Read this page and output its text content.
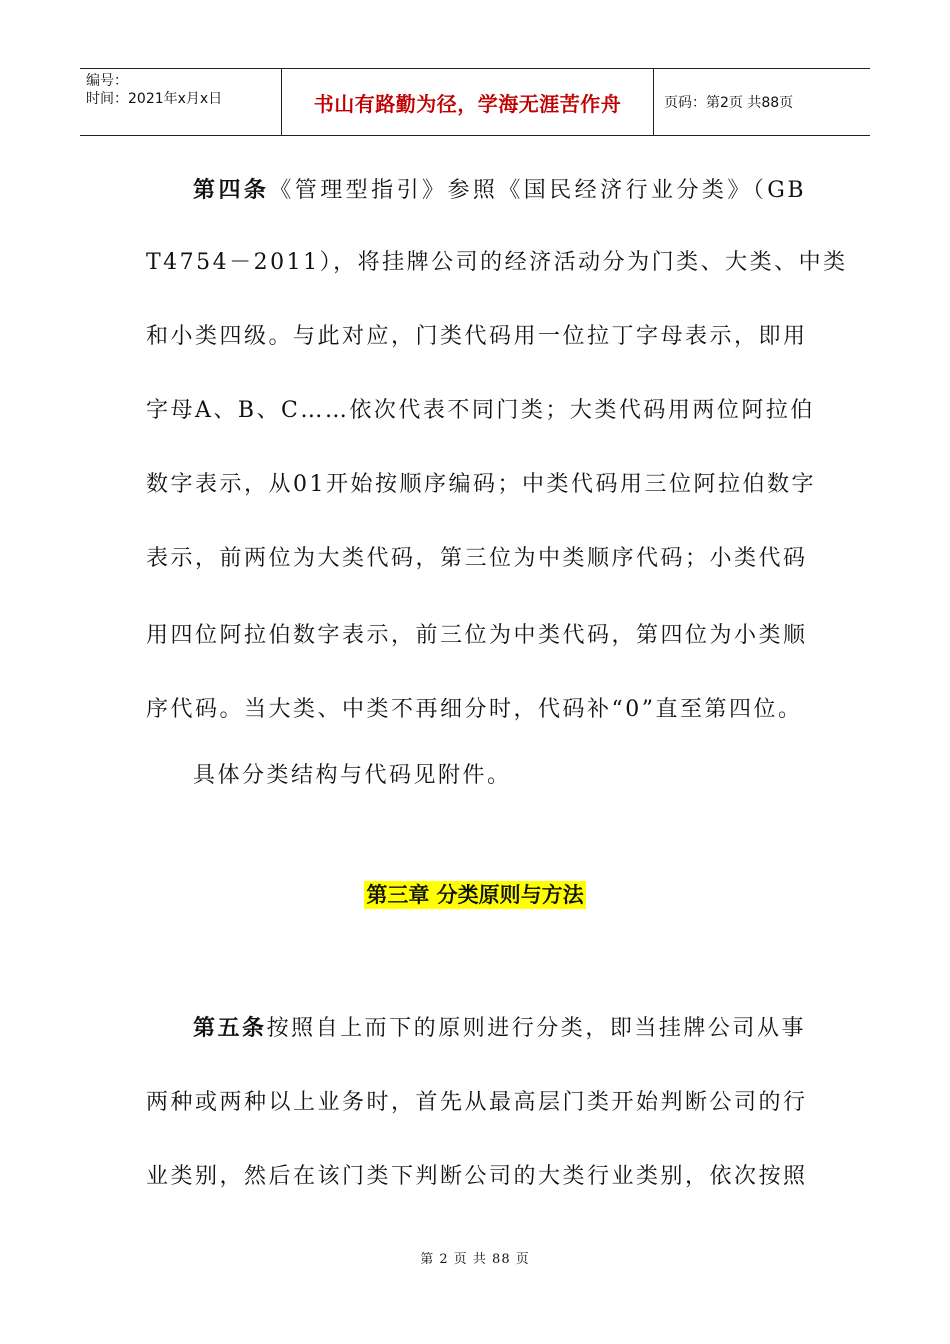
编号：
时间：2021年x月x日	书山有路勤为径，学海无涯苦作舟	页码：第2页 共88页
第四条《管理型指引》参照《国民经济行业分类》（GB
T4754－2011），将挂牌公司的经济活动分为门类、大类、中类
和小类四级。与此对应，门类代码用一位拉丁字母表示，即用
字母A、B、C……依次代表不同门类；大类代码用两位阿拉伯
数字表示，从01开始按顺序编码；中类代码用三位阿拉伯数字
表示，前两位为大类代码，第三位为中类顺序代码；小类代码
用四位阿拉伯数字表示，前三位为中类代码，第四位为小类顺
序代码。当大类、中类不再细分时，代码补“0”直至第四位。
具体分类结构与代码见附件。
第三章 分类原则与方法
第五条按照自上而下的原则进行分类，即当挂牌公司从事
两种或两种以上业务时，首先从最高层门类开始判断公司的行
业类别，然后在该门类下判断公司的大类行业类别，依次按照
第 2 页 共 88 页
